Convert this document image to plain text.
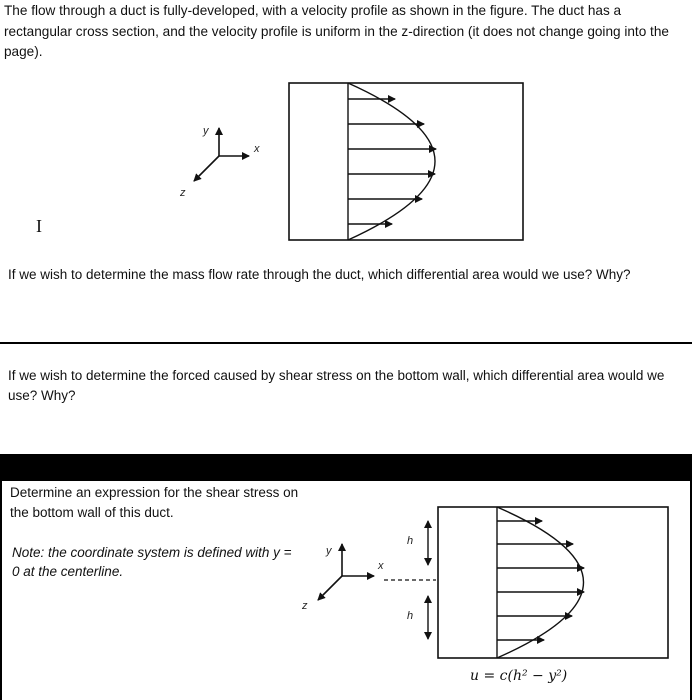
The flow through a duct is fully-developed, with a velocity profile as shown in the figure. The duct has a rectangular cross section, and the velocity profile is uniform in the z-direction (it does not change going into the page).
y
x
z
I
If we wish to determine the mass flow rate through the duct, which differential area would we use? Why?
If we wish to determine the forced caused by shear stress on the bottom wall, which differential area would we use? Why?
Determine an expression for the shear stress on the bottom wall of this duct.
Note: the coordinate system is defined with y = 0 at the centerline.
u = c(h² − y²)
y
x
z
h
h
